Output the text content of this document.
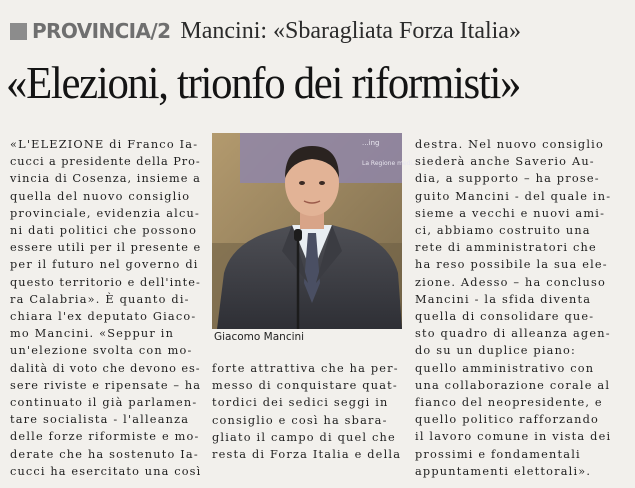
PROVINCIA/2 Mancini: «Sbaragliata Forza Italia»
«Elezioni, trionfo dei riformisti»
«L'ELEZIONE di Franco Ia-
cucci a presidente della Pro-
vincia di Cosenza, insieme a
quella del nuovo consiglio
provinciale, evidenzia alcu-
ni dati politici che possono
essere utili per il presente e
per il futuro nel governo di
questo territorio e dell'inte-
ra Calabria». È quanto di-
chiara l'ex deputato Giaco-
mo Mancini. «Seppur in
un'elezione svolta con mo-
dalità di voto che devono es-
sere riviste e ripensate – ha
continuato il già parlamen-
tare socialista - l'alleanza
delle forze riformiste e mo-
derate che ha sostenuto Ia-
cucci ha esercitato una così
...ing
La Regione medi...
Giacomo Mancini
forte attrattiva che ha per-
messo di conquistare quat-
tordici dei sedici seggi in
consiglio e così ha sbara-
gliato il campo di quel che
resta di Forza Italia e della
destra. Nel nuovo consiglio
siederà anche Saverio Au-
dia, a supporto – ha prose-
guito Mancini - del quale in-
sieme a vecchi e nuovi ami-
ci, abbiamo costruito una
rete di amministratori che
ha reso possibile la sua ele-
zione. Adesso – ha concluso
Mancini - la sfida diventa
quella di consolidare que-
sto quadro di alleanza agen-
do su un duplice piano:
quello amministrativo con
una collaborazione corale al
fianco del neopresidente, e
quello politico rafforzando
il lavoro comune in vista dei
prossimi e fondamentali
appuntamenti elettorali».
